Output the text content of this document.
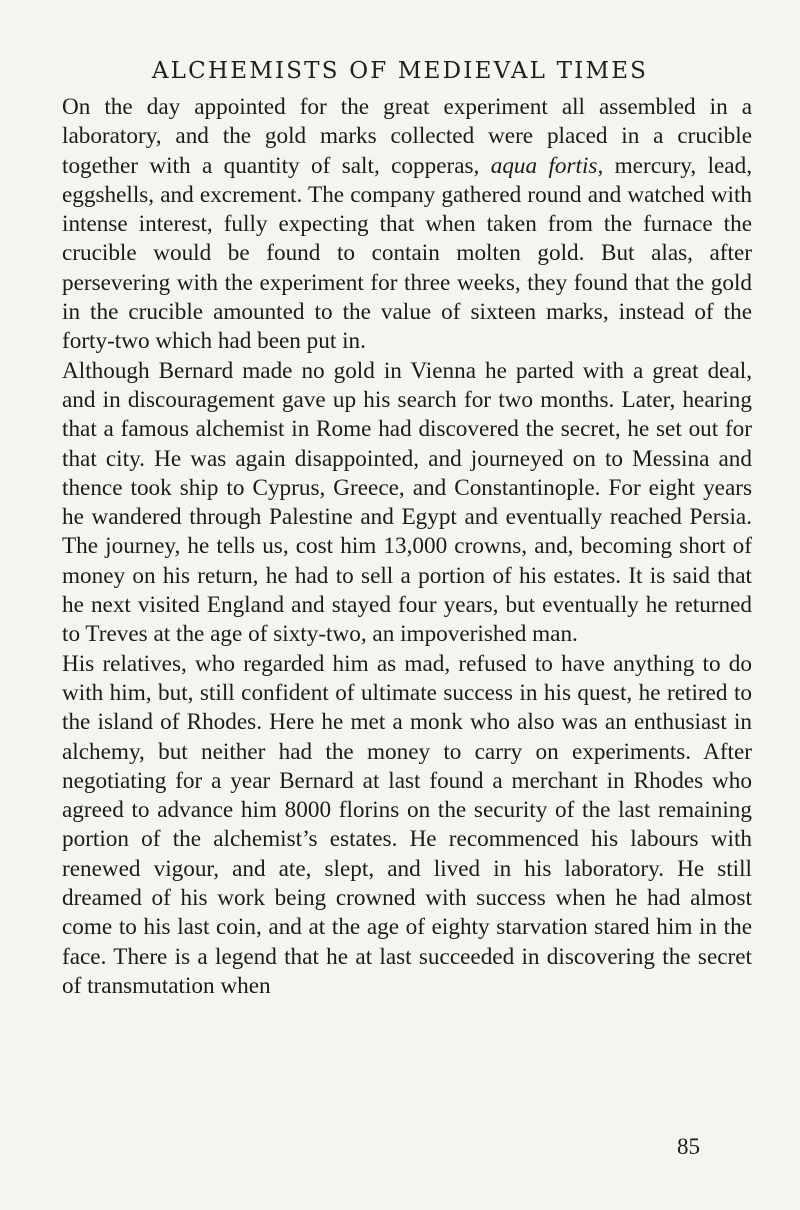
ALCHEMISTS OF MEDIEVAL TIMES

On the day appointed for the great experiment all assembled in a laboratory, and the gold marks collected were placed in a crucible together with a quantity of salt, copperas, aqua fortis, mercury, lead, eggshells, and excrement. The company gathered round and watched with intense interest, fully expecting that when taken from the furnace the crucible would be found to contain molten gold. But alas, after persevering with the experiment for three weeks, they found that the gold in the crucible amounted to the value of sixteen marks, instead of the forty-two which had been put in.

Although Bernard made no gold in Vienna he parted with a great deal, and in discouragement gave up his search for two months. Later, hearing that a famous alchemist in Rome had discovered the secret, he set out for that city. He was again disappointed, and journeyed on to Messina and thence took ship to Cyprus, Greece, and Constantinople. For eight years he wandered through Palestine and Egypt and eventually reached Persia. The journey, he tells us, cost him 13,000 crowns, and, becoming short of money on his return, he had to sell a portion of his estates. It is said that he next visited England and stayed four years, but eventually he returned to Treves at the age of sixty-two, an impoverished man.

His relatives, who regarded him as mad, refused to have anything to do with him, but, still confident of ultimate success in his quest, he retired to the island of Rhodes. Here he met a monk who also was an enthusiast in alchemy, but neither had the money to carry on experiments. After negotiating for a year Bernard at last found a merchant in Rhodes who agreed to advance him 8000 florins on the security of the last remaining portion of the alchemist’s estates. He recommenced his labours with renewed vigour, and ate, slept, and lived in his laboratory. He still dreamed of his work being crowned with success when he had almost come to his last coin, and at the age of eighty starvation stared him in the face. There is a legend that he at last succeeded in discovering the secret of transmutation when

85
